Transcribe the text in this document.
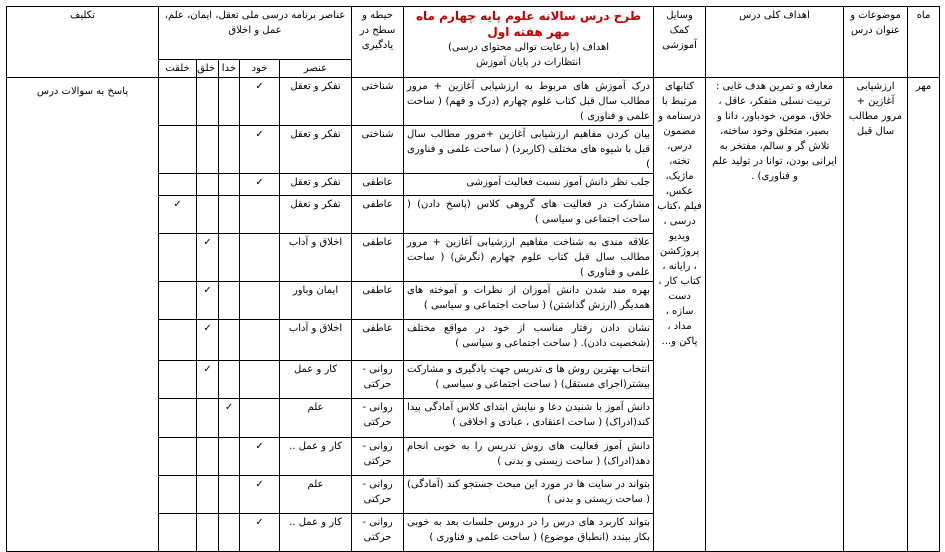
ماه	موضوعات و عنوان درس	اهداف کلی درس	وسایل کمک آموزشی	طرح درس سالانه علوم پایه چهارم ماه مهر هفته اول
اهداف (با رعایت توالی محتوای درسی)
انتظارات در پایان آموزش	حیطه و سطح در یادگیری	عناصر برنامه درسی ملی تعقل، ایمان، علم، عمل و اخلاق					تکلیف
						عنصر	خود	خدا	خلق	خلقت	
مهر	ارزشیابی آغازین + مرور مطالب سال قبل	معارفه و تمرین هدف غایی : تربیت نسلی متفکر، عاقل ، خلاق، مومن، خودباور، دانا و بصیر، متخلق وخود ساخته، تلاش گر و سالم، مفتخر به ایرانی بودن، توانا در تولید علم و فناوری) .	کتابهای مرتبط با درسنامه و مضمون درس، تخته، ماژیک، عکس، فیلم ،کتاب درسی ، ویدیو پروژکشن ، رایانه ، کتاب کار ، دست سازه ، مداد ، پاکن و...	درک آموزش های مربوط به ارزشیابی آغازین + مرور مطالب سال قبل کتاب علوم چهارم (درک و فهم) ( ساحت علمی و فناوری )	شناختی	تفکر و تعقل	✓				پاسخ به سوالات درس
				بیان کردن مفاهیم ارزشیابی آغازین +مرور مطالب سال قبل با شیوه های مختلف (کاربرد) ( ساحت علمی و فناوری )	شناختی	تفکر و تعقل	✓				
				جلب نظر دانش آموز نسبت فعالیت آموزشی	عاطفی	تفکر و تعقل	✓				
				مشارکت در فعالیت های گروهی کلاس (پاسخ دادن) ( ساحت اجتماعی و سیاسی )	عاطفی	تفکر و تعقل				✓	
				علاقه مندی به شناخت مفاهیم ارزشیابی آغازین + مرور مطالب سال قبل کتاب علوم چهارم (نگرش) ( ساحت علمی و فناوری )	عاطفی	اخلاق و آداب			✓		
				بهره مند شدن دانش آموزان از نظرات و آموخته های همدیگر (ارزش گذاشتن) ( ساحت اجتماعی و سیاسی )	عاطفی	ایمان وباور			✓		
				نشان دادن رفتار مناسب از خود در مواقع مختلف (شخصیت دادن). ( ساحت اجتماعی و سیاسی )	عاطفی	اخلاق و آداب			✓		
				انتخاب بهترین روش ها ی تدریس جهت یادگیری و مشارکت بیشتر(اجرای مستقل) ( ساحت اجتماعی و سیاسی )	روانی - حرکتی	کار و عمل			✓		
				دانش آموز با شنیدن دعا و نیایش ابتدای کلاس آمادگی پیدا کند(ادراک) ( ساحت اعتقادی ، عبادی و اخلاقی )	روانی - حرکتی	علم		✓			
				دانش آموز فعالیت های روش تدریس را به خوبی انجام دهد(ادراک) ( ساحت زیستی و بدنی )	روانی - حرکتی	کار و عمل ..	✓				
				بتواند در سایت ها در مورد این مبحث جستجو کند (آمادگی) ( ساحت زیستی و بدنی )	روانی - حرکتی	علم	✓				
				بتواند کاربرد های درس را در دروس جلسات بعد به خوبی بکار ببندد (انطباق موضوع) ( ساحت علمی و فناوری )	روانی - حرکتی	کار و عمل ..	✓				
